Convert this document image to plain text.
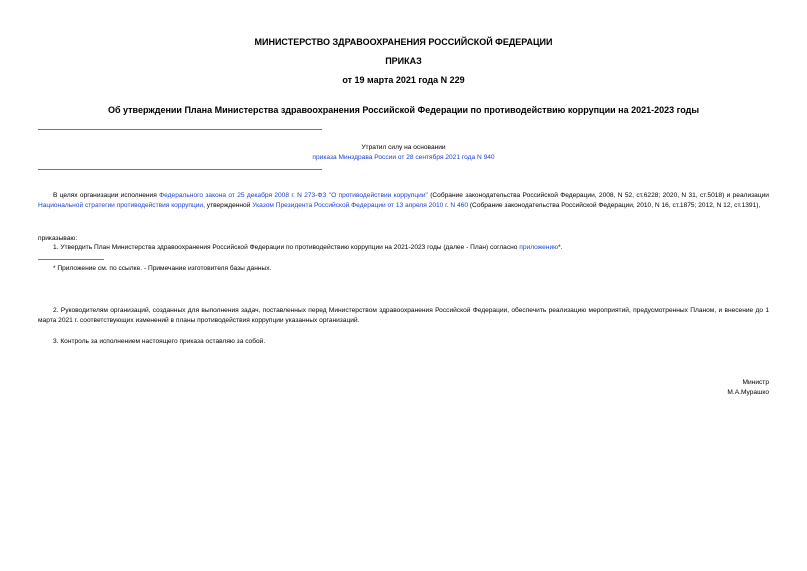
МИНИСТЕРСТВО ЗДРАВООХРАНЕНИЯ РОССИЙСКОЙ ФЕДЕРАЦИИ
ПРИКАЗ
от 19 марта 2021 года N 229
Об утверждении Плана Министерства здравоохранения Российской Федерации по противодействию коррупции на 2021-2023 годы
Утратил силу на основании
приказа Минздрава России от 28 сентября 2021 года N 940
В целях организации исполнения Федерального закона от 25 декабря 2008 г. N 273-ФЗ "О противодействии коррупции" (Собрание законодательства Российской Федерации, 2008, N 52, ст.6228; 2020, N 31, ст.5018) и реализации Национальной стратегии противодействия коррупции, утвержденной Указом Президента Российской Федерации от 13 апреля 2010 г. N 460 (Собрание законодательства Российской Федерации, 2010, N 16, ст.1875; 2012, N 12, ст.1391),
приказываю:
1. Утвердить План Министерства здравоохранения Российской Федерации по противодействию коррупции на 2021-2023 годы (далее - План) согласно приложению*.
* Приложение см. по ссылке. - Примечание изготовителя базы данных.
2. Руководителям организаций, созданных для выполнения задач, поставленных перед Министерством здравоохранения Российской Федерации, обеспечить реализацию мероприятий, предусмотренных Планом, и внесение до 1 марта 2021 г. соответствующих изменений в планы противодействия коррупции указанных организаций.
3. Контроль за исполнением настоящего приказа оставляю за собой.
Министр
М.А.Мурашко
